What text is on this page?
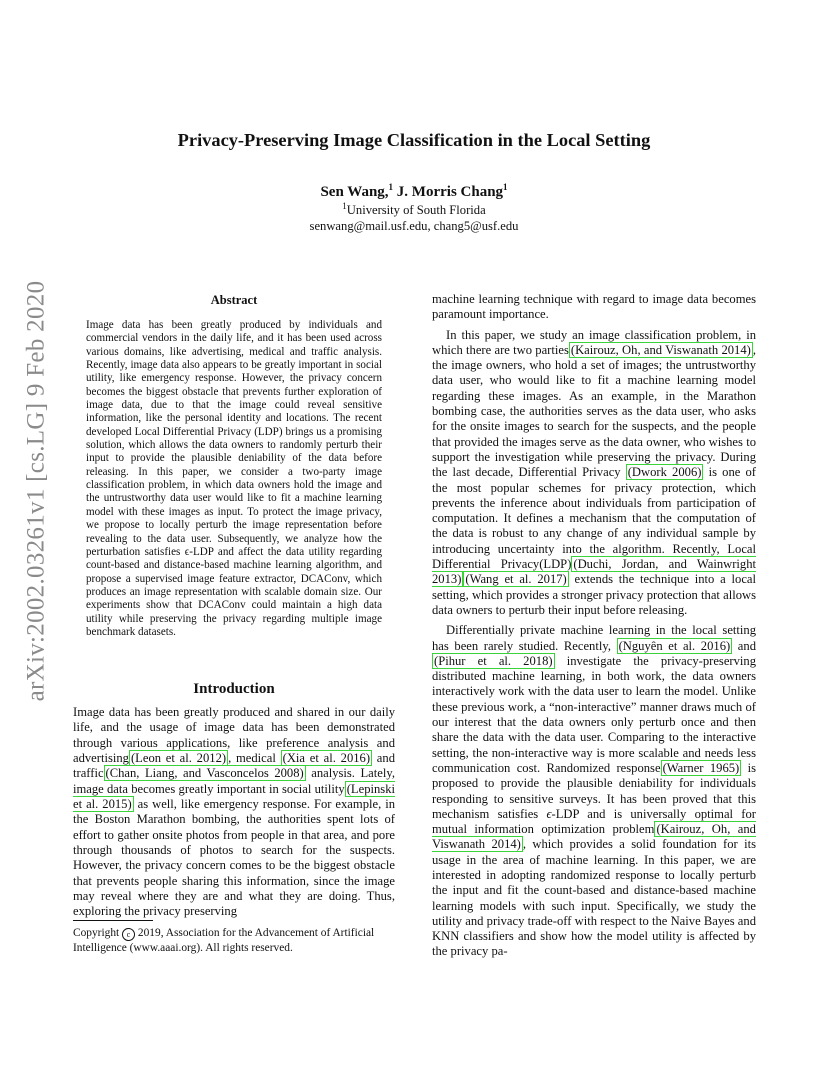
arXiv:2002.03261v1 [cs.LG] 9 Feb 2020
Privacy-Preserving Image Classification in the Local Setting
Sen Wang,$^1$ J. Morris Chang$^1$
$^1$University of South Florida
senwang@mail.usf.edu, chang5@usf.edu
Abstract

Image data has been greatly produced by individuals and commercial vendors in the daily life, and it has been used across various domains, like advertising, medical and traffic analysis. Recently, image data also appears to be greatly important in social utility, like emergency response. However, the privacy concern becomes the biggest obstacle that prevents further exploration of image data, due to that the image could reveal sensitive information, like the personal identity and locations. The recent developed Local Differential Privacy (LDP) brings us a promising solution, which allows the data owners to randomly perturb their input to provide the plausible deniability of the data before releasing. In this paper, we consider a two-party image classification problem, in which data owners hold the image and the untrustworthy data user would like to fit a machine learning model with these images as input. To protect the image privacy, we propose to locally perturb the image representation before revealing to the data user. Subsequently, we analyze how the perturbation satisfies ϵ-LDP and affect the data utility regarding count-based and distance-based machine learning algorithm, and propose a supervised image feature extractor, DCAConv, which produces an image representation with scalable domain size. Our experiments show that DCAConv could maintain a high data utility while preserving the privacy regarding multiple image benchmark datasets.

Introduction

Image data has been greatly produced and shared in our daily life, and the usage of image data has been demonstrated through various applications, like preference analysis and advertising (Leon et al. 2012) , medical (Xia et al. 2016) and traffic (Chan, Liang, and Vasconcelos 2008) analysis. Lately, image data becomes greatly important in social utility (Lepinski et al. 2015) as well, like emergency response. For example, in the Boston Marathon bombing, the authorities spent lots of effort to gather onsite photos from people in that area, and pore through thousands of photos to search for the suspects. However, the privacy concern comes to be the biggest obstacle that prevents people sharing this information, since the image may reveal where they are and what they are doing. Thus, exploring the privacy preserving

Copyright c 2019, Association for the Advancement of Artificial Intelligence (www.aaai.org). All rights reserved.

machine learning technique with regard to image data becomes paramount importance.

In this paper, we study an image classification problem, in which there are two parties (Kairouz, Oh, and Viswanath 2014) , the image owners, who hold a set of images; the untrustworthy data user, who would like to fit a machine learning model regarding these images. As an example, in the Marathon bombing case, the authorities serves as the data user, who asks for the onsite images to search for the suspects, and the people that provided the images serve as the data owner, who wishes to support the investigation while preserving the privacy. During the last decade, Differential Privacy (Dwork 2006) is one of the most popular schemes for privacy protection, which prevents the inference about individuals from participation of computation. It defines a mechanism that the computation of the data is robust to any change of any individual sample by introducing uncertainty into the algorithm. Recently, Local Differential Privacy(LDP) (Duchi, Jordan, and Wainwright 2013) (Wang et al. 2017) extends the technique into a local setting, which provides a stronger privacy protection that allows data owners to perturb their input before releasing.

Differentially private machine learning in the local setting has been rarely studied. Recently, (Nguyên et al. 2016) and (Pihur et al. 2018) investigate the privacy-preserving distributed machine learning, in both work, the data owners interactively work with the data user to learn the model. Unlike these previous work, a “non-interactive” manner draws much of our interest that the data owners only perturb once and then share the data with the data user. Comparing to the interactive setting, the non-interactive way is more scalable and needs less communication cost. Randomized response (Warner 1965) is proposed to provide the plausible deniability for individuals responding to sensitive surveys. It has been proved that this mechanism satisfies ϵ-LDP and is universally optimal for mutual information optimization problem (Kairouz, Oh, and Viswanath 2014) , which provides a solid foundation for its usage in the area of machine learning. In this paper, we are interested in adopting randomized response to locally perturb the input and fit the count-based and distance-based machine learning models with such input. Specifically, we study the utility and privacy trade-off with respect to the Naive Bayes and KNN classifiers and show how the model utility is affected by the privacy pa-
